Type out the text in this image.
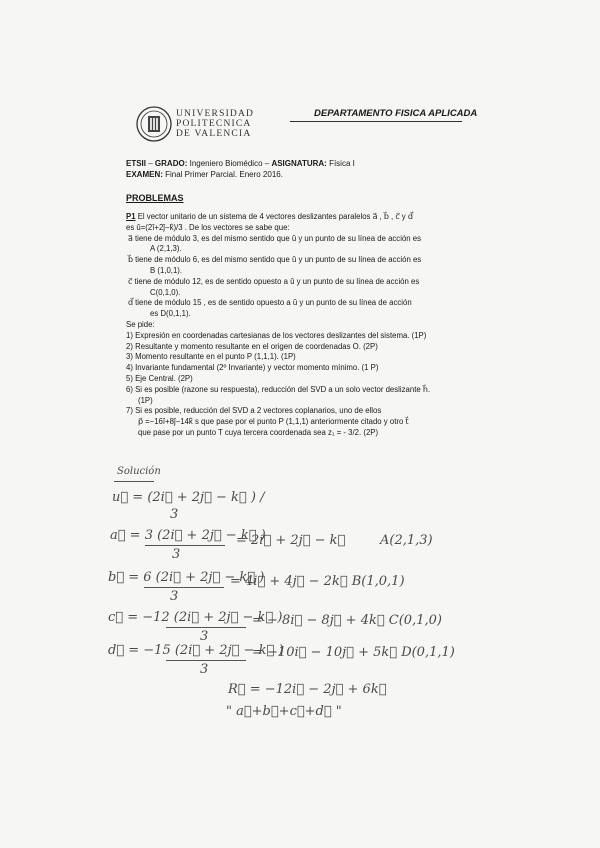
UNIVERSIDAD
POLITECNICA
DE VALENCIA
DEPARTAMENTO FISICA APLICADA
ETSII – GRADO: Ingeniero Biomédico – ASIGNATURA: Física I
EXAMEN: Final Primer Parcial. Enero 2016.
PROBLEMAS

P1 El vector unitario de un sistema de 4 vectores deslizantes paralelos a⃗ , b⃗ , c⃗ y d⃗

es û=(2î+2ĵ−k̂)/3 . De los vectores se sabe que:

a⃗ tiene de módulo 3, es del mismo sentido que û y un punto de su línea de acción es
A (2,1,3).

b⃗ tiene de módulo 6, es del mismo sentido que û y un punto de su línea de acción es
B (1,0,1).

c⃗ tiene de módulo 12, es de sentido opuesto a û y un punto de su línea de acción es
C(0,1,0).

d⃗ tiene de módulo 15 , es de sentido opuesto a û y un punto de su línea de acción
es D(0,1,1).

Se pide:

1) Expresión en coordenadas cartesianas de los vectores deslizantes del sistema. (1P)

2) Resultante y momento resultante en el origen de coordenadas O. (2P)

3) Momento resultante en el punto P (1,1,1). (1P)

4) Invariante fundamental (2º Invariante) y vector momento mínimo. (1 P)

5) Eje Central. (2P)

6) Si es posible (razone su respuesta), reducción del SVD a un solo vector deslizante h⃗.

(1P)

7) Si es posible, reducción del SVD a 2 vectores coplanarios, uno de ellos

p⃗ =−16î+8ĵ−14k̂ s que pase por el punto P (1,1,1) anteriormente citado y otro t⃗

que pase por un punto T cuya tercera coordenada sea z₁ = - 3/2. (2P)

Solución
u⃗ = (2i⃗ + 2j⃗ − k⃗ ) /
3
a⃗ = 3 (2i⃗ + 2j⃗ − k⃗ )
3
= 2i⃗ + 2j⃗ − k⃗	A(2,1,3)
b⃗ = 6 (2i⃗ + 2j⃗ − k⃗ )
3
= 4i⃗ + 4j⃗ − 2k⃗ B(1,0,1)
c⃗ = −12 (2i⃗ + 2j⃗ − k⃗ )
3
= − 8i⃗ − 8j⃗ + 4k⃗ C(0,1,0)
d⃗ = −15 (2i⃗ + 2j⃗ − k⃗ )
3
= −10i⃗ − 10j⃗ + 5k⃗ D(0,1,1)
R⃗ = −12i⃗ − 2j⃗ + 6k⃗
" a⃗+b⃗+c⃗+d⃗ "
